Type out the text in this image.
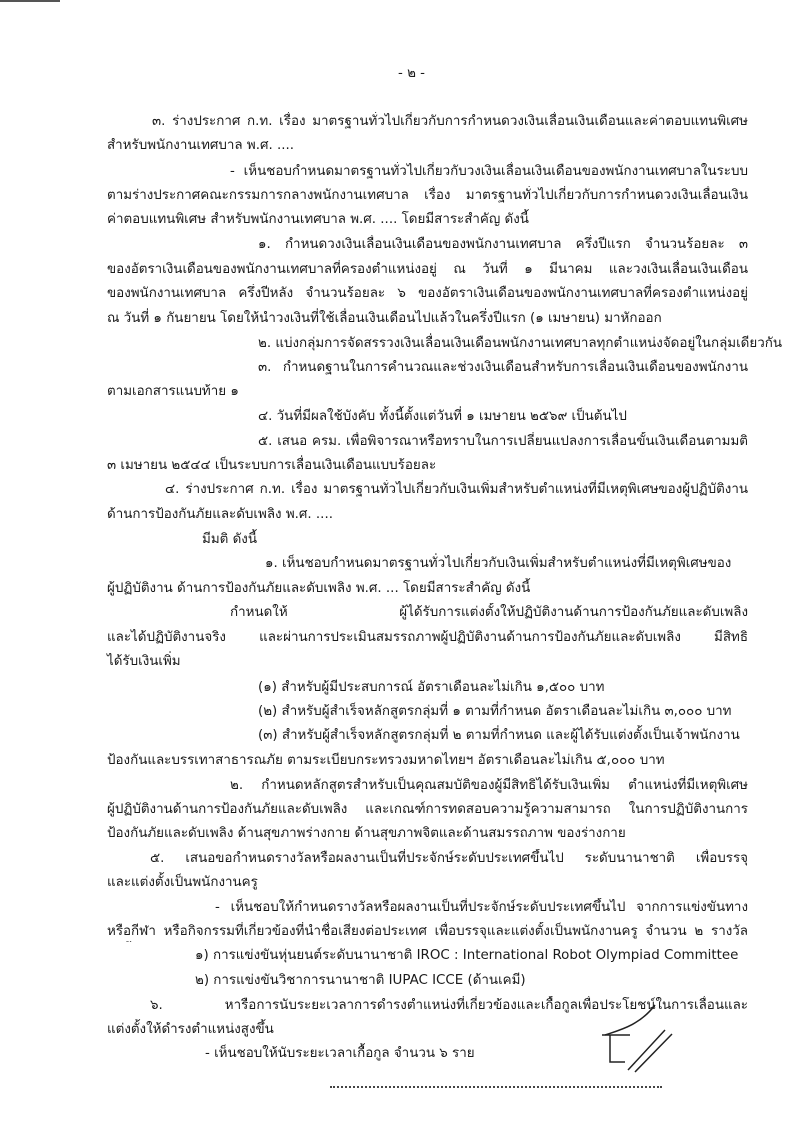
- ๒ -
๓. ร่างประกาศ ก.ท. เรื่อง มาตรฐานทั่วไปเกี่ยวกับการกำหนดวงเงินเลื่อนเงินเดือนและค่าตอบแทนพิเศษ
สำหรับพนักงานเทศบาล พ.ศ. ....
- เห็นชอบกำหนดมาตรฐานทั่วไปเกี่ยวกับวงเงินเลื่อนเงินเดือนของพนักงานเทศบาลในระบบ
ตามร่างประกาศคณะกรรมการกลางพนักงานเทศบาล เรื่อง มาตรฐานทั่วไปเกี่ยวกับการกำหนดวงเงินเลื่อนเงิน
ค่าตอบแทนพิเศษ สำหรับพนักงานเทศบาล พ.ศ. .... โดยมีสาระสำคัญ ดังนี้
๑. กำหนดวงเงินเลื่อนเงินเดือนของพนักงานเทศบาล ครึ่งปีแรก จำนวนร้อยละ ๓
ของอัตราเงินเดือนของพนักงานเทศบาลที่ครองตำแหน่งอยู่ ณ วันที่ ๑ มีนาคม และวงเงินเลื่อนเงินเดือน
ของพนักงานเทศบาล ครึ่งปีหลัง จำนวนร้อยละ ๖ ของอัตราเงินเดือนของพนักงานเทศบาลที่ครองตำแหน่งอยู่
ณ วันที่ ๑ กันยายน โดยให้นำวงเงินที่ใช้เลื่อนเงินเดือนไปแล้วในครึ่งปีแรก (๑ เมษายน) มาหักออก
๒. แบ่งกลุ่มการจัดสรรวงเงินเลื่อนเงินเดือนพนักงานเทศบาลทุกตำแหน่งจัดอยู่ในกลุ่มเดียวกัน
๓. กำหนดฐานในการคำนวณและช่วงเงินเดือนสำหรับการเลื่อนเงินเดือนของพนักงาน
ตามเอกสารแนบท้าย ๑
๔. วันที่มีผลใช้บังคับ ทั้งนี้ตั้งแต่วันที่ ๑ เมษายน ๒๕๖๙ เป็นต้นไป
๕. เสนอ ครม. เพื่อพิจารณาหรือทราบในการเปลี่ยนแปลงการเลื่อนขั้นเงินเดือนตามมติ
๓ เมษายน ๒๕๔๔ เป็นระบบการเลื่อนเงินเดือนแบบร้อยละ
๔. ร่างประกาศ ก.ท. เรื่อง มาตรฐานทั่วไปเกี่ยวกับเงินเพิ่มสำหรับตำแหน่งที่มีเหตุพิเศษของผู้ปฏิบัติงาน
ด้านการป้องกันภัยและดับเพลิง พ.ศ. ....
มีมติ ดังนี้
๑. เห็นชอบกำหนดมาตรฐานทั่วไปเกี่ยวกับเงินเพิ่มสำหรับตำแหน่งที่มีเหตุพิเศษของ
ผู้ปฏิบัติงาน ด้านการป้องกันภัยและดับเพลิง พ.ศ. ... โดยมีสาระสำคัญ ดังนี้
กำหนดให้ ผู้ได้รับการแต่งตั้งให้ปฏิบัติงานด้านการป้องกันภัยและดับเพลิง
และได้ปฏิบัติงานจริง และผ่านการประเมินสมรรถภาพผู้ปฏิบัติงานด้านการป้องกันภัยและดับเพลิง มีสิทธิ
ได้รับเงินเพิ่ม
(๑) สำหรับผู้มีประสบการณ์ อัตราเดือนละไม่เกิน ๑,๕๐๐ บาท
(๒) สำหรับผู้สำเร็จหลักสูตรกลุ่มที่ ๑ ตามที่กำหนด อัตราเดือนละไม่เกิน ๓,๐๐๐ บาท
(๓) สำหรับผู้สำเร็จหลักสูตรกลุ่มที่ ๒ ตามที่กำหนด และผู้ได้รับแต่งตั้งเป็นเจ้าพนักงาน
ป้องกันและบรรเทาสาธารณภัย ตามระเบียบกระทรวงมหาดไทยฯ อัตราเดือนละไม่เกิน ๕,๐๐๐ บาท
๒. กำหนดหลักสูตรสำหรับเป็นคุณสมบัติของผู้มีสิทธิได้รับเงินเพิ่ม ตำแหน่งที่มีเหตุพิเศษ
ผู้ปฏิบัติงานด้านการป้องกันภัยและดับเพลิง และเกณฑ์การทดสอบความรู้ความสามารถ ในการปฏิบัติงานการ
ป้องกันภัยและดับเพลิง ด้านสุขภาพร่างกาย ด้านสุขภาพจิตและด้านสมรรถภาพ ของร่างกาย
๕. เสนอขอกำหนดรางวัลหรือผลงานเป็นที่ประจักษ์ระดับประเทศขึ้นไป ระดับนานาชาติ เพื่อบรรจุ
และแต่งตั้งเป็นพนักงานครู
- เห็นชอบให้กำหนดรางวัลหรือผลงานเป็นที่ประจักษ์ระดับประเทศขึ้นไป จากการแข่งขันทาง
หรือกีฬา หรือกิจกรรมที่เกี่ยวข้องที่นำชื่อเสียงต่อประเทศ เพื่อบรรจุและแต่งตั้งเป็นพนักงานครู จำนวน ๒ รางวัล
๑) การแข่งขันหุ่นยนต์ระดับนานาชาติ IROC : International Robot Olympiad Committee
๒) การแข่งขันวิชาการนานาชาติ IUPAC ICCE (ด้านเคมี)
๖. หารือการนับระยะเวลาการดำรงตำแหน่งที่เกี่ยวข้องและเกื้อกูลเพื่อประโยชน์ในการเลื่อนและ
แต่งตั้งให้ดำรงตำแหน่งสูงขึ้น
- เห็นชอบให้นับระยะเวลาเกื้อกูล จำนวน ๖ ราย
